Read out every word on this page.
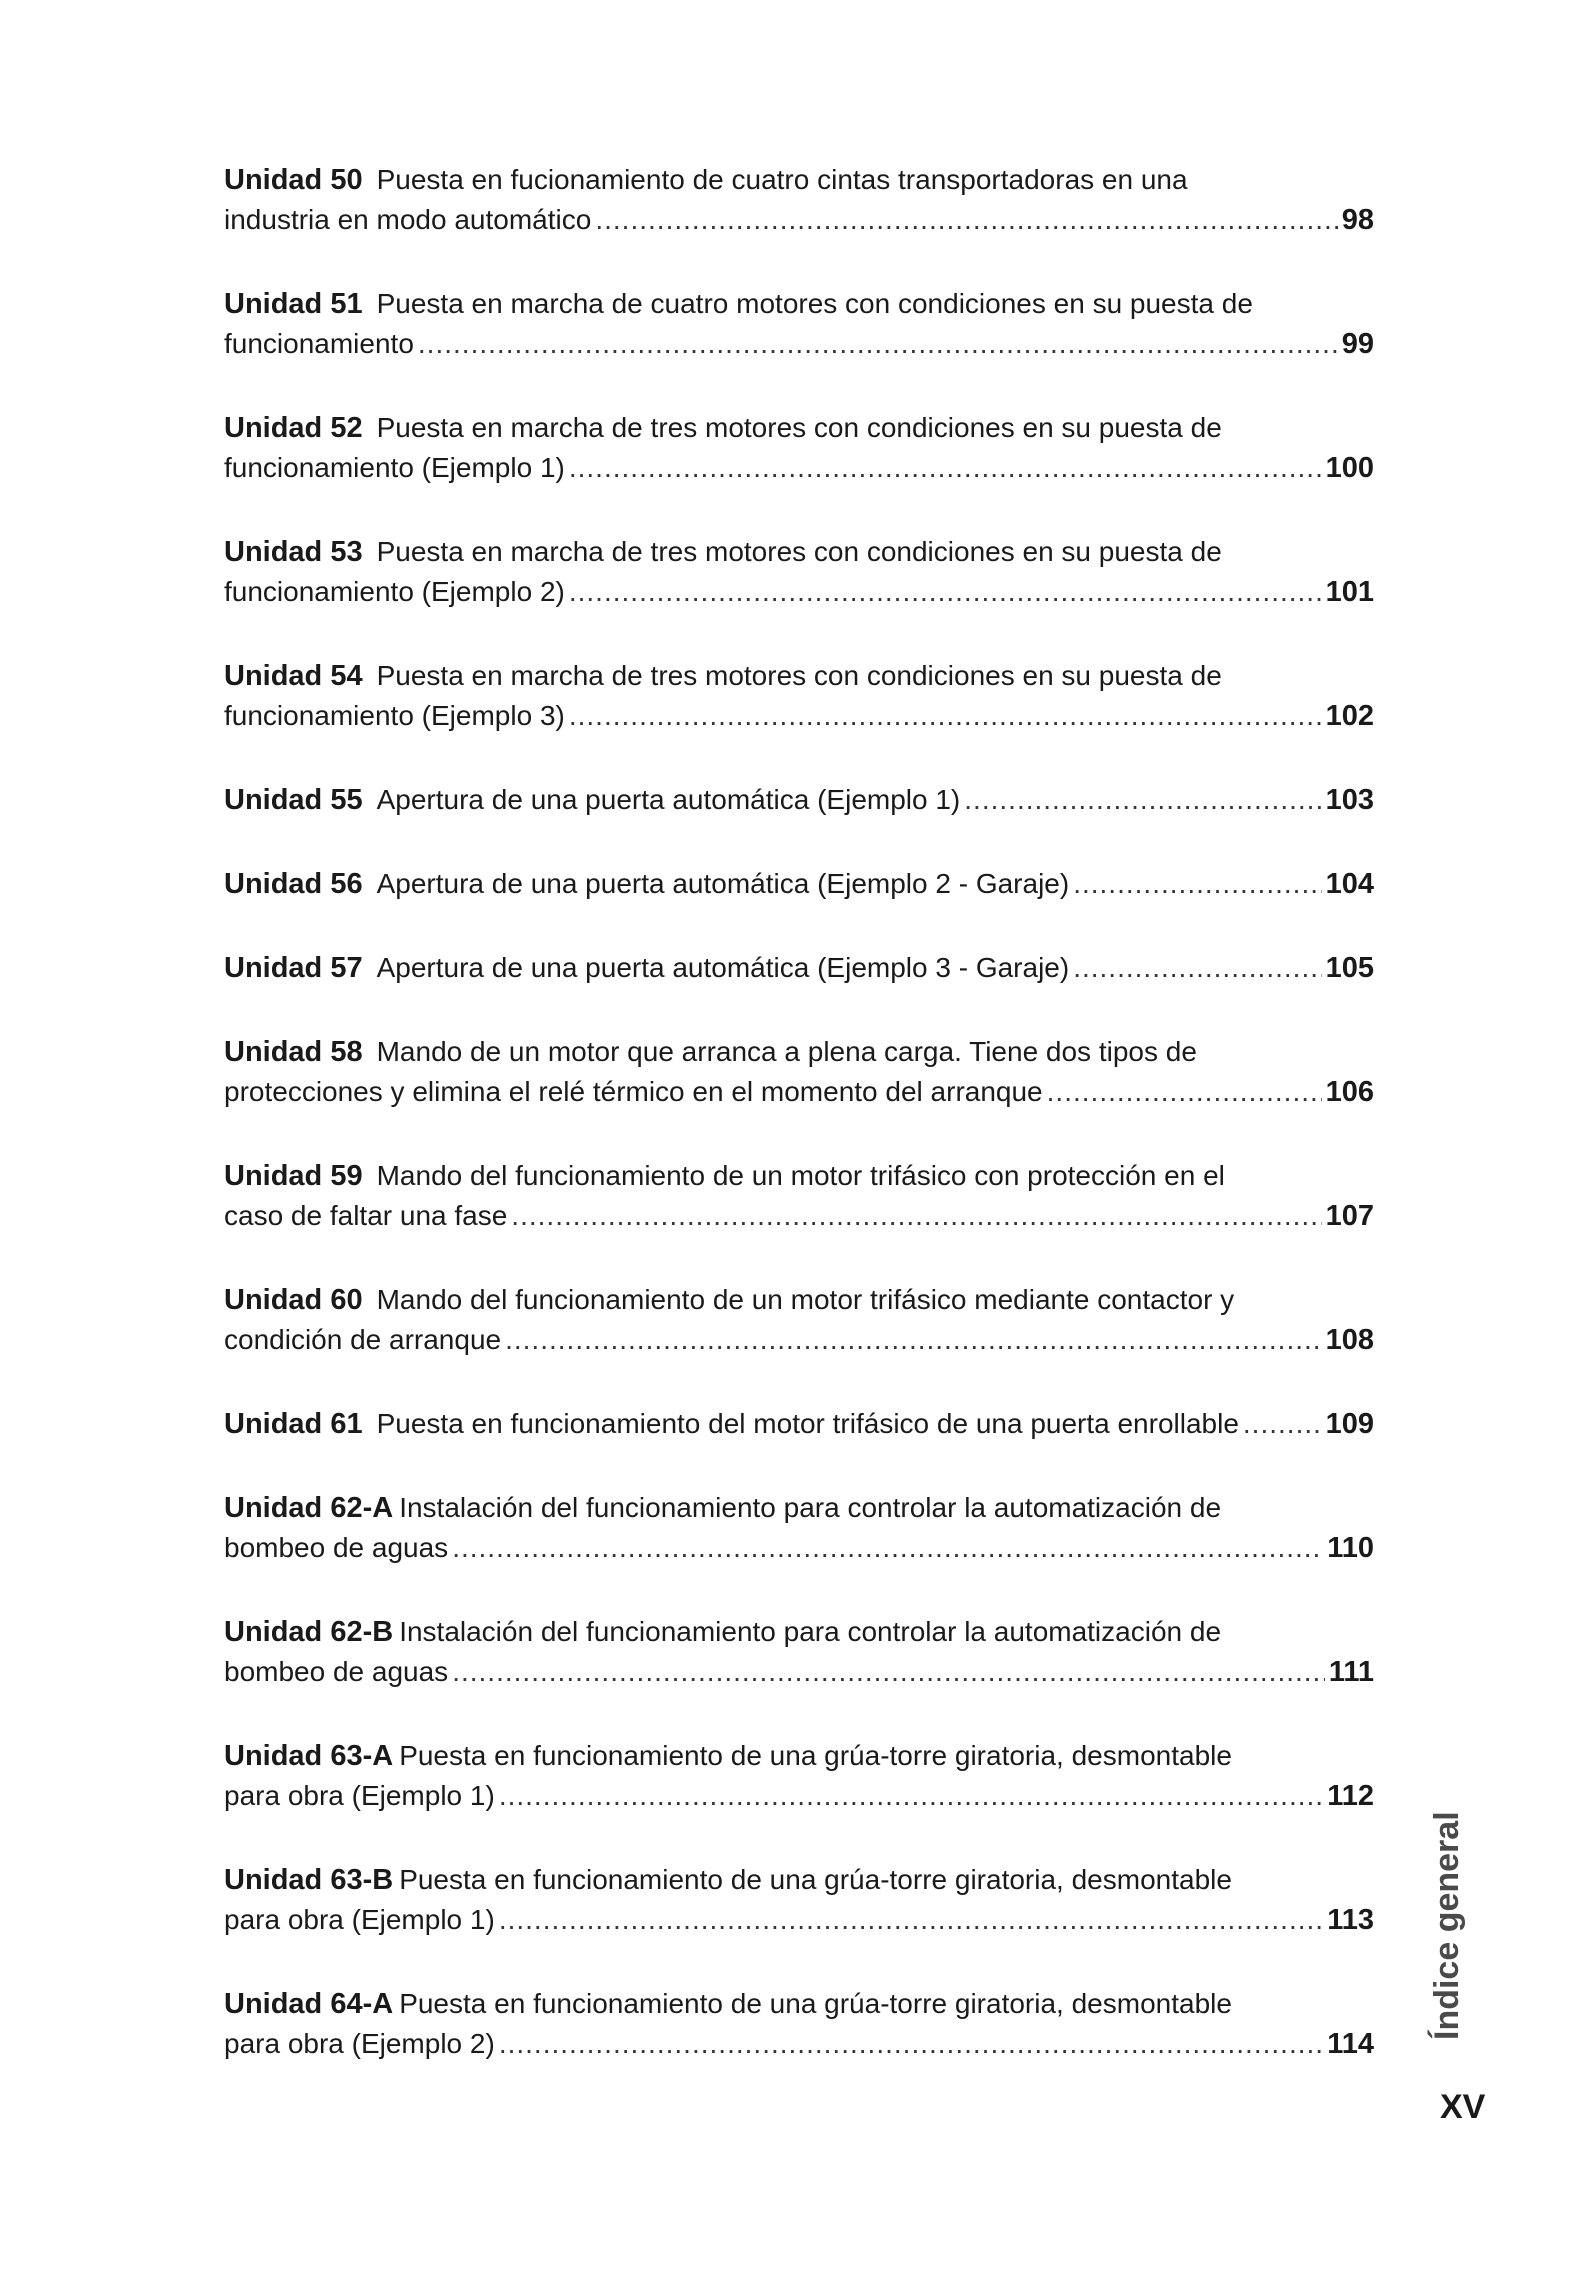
Unidad 50 Puesta en fucionamiento de cuatro cintas transportadoras en una
industria en modo automático .....	98
Unidad 51 Puesta en marcha de cuatro motores con condiciones en su puesta de
funcionamiento .....	99
Unidad 52 Puesta en marcha de tres motores con condiciones en su puesta de
funcionamiento (Ejemplo 1) .....	100
Unidad 53 Puesta en marcha de tres motores con condiciones en su puesta de
funcionamiento (Ejemplo 2) .....	101
Unidad 54 Puesta en marcha de tres motores con condiciones en su puesta de
funcionamiento (Ejemplo 3) .....	102
Unidad 55 Apertura de una puerta automática (Ejemplo 1) .....	103
Unidad 56 Apertura de una puerta automática (Ejemplo 2 - Garaje) .....	104
Unidad 57 Apertura de una puerta automática (Ejemplo 3 - Garaje) .....	105
Unidad 58 Mando de un motor que arranca a plena carga. Tiene dos tipos de
protecciones y elimina el relé térmico en el momento del arranque .....	106
Unidad 59 Mando del funcionamiento de un motor trifásico con protección en el
caso de faltar una fase .....	107
Unidad 60 Mando del funcionamiento de un motor trifásico mediante contactor y
condición de arranque .....	108
Unidad 61 Puesta en funcionamiento del motor trifásico de una puerta enrollable .....	109
Unidad 62-A Instalación del funcionamiento para controlar la automatización de
bombeo de aguas .....	110
Unidad 62-B Instalación del funcionamiento para controlar la automatización de
bombeo de aguas .....	111
Unidad 63-A Puesta en funcionamiento de una grúa-torre giratoria, desmontable
para obra (Ejemplo 1) .....	112
Unidad 63-B Puesta en funcionamiento de una grúa-torre giratoria, desmontable
para obra (Ejemplo 1) .....	113
Unidad 64-A Puesta en funcionamiento de una grúa-torre giratoria, desmontable
para obra (Ejemplo 2) .....	114
Índice general
XV
